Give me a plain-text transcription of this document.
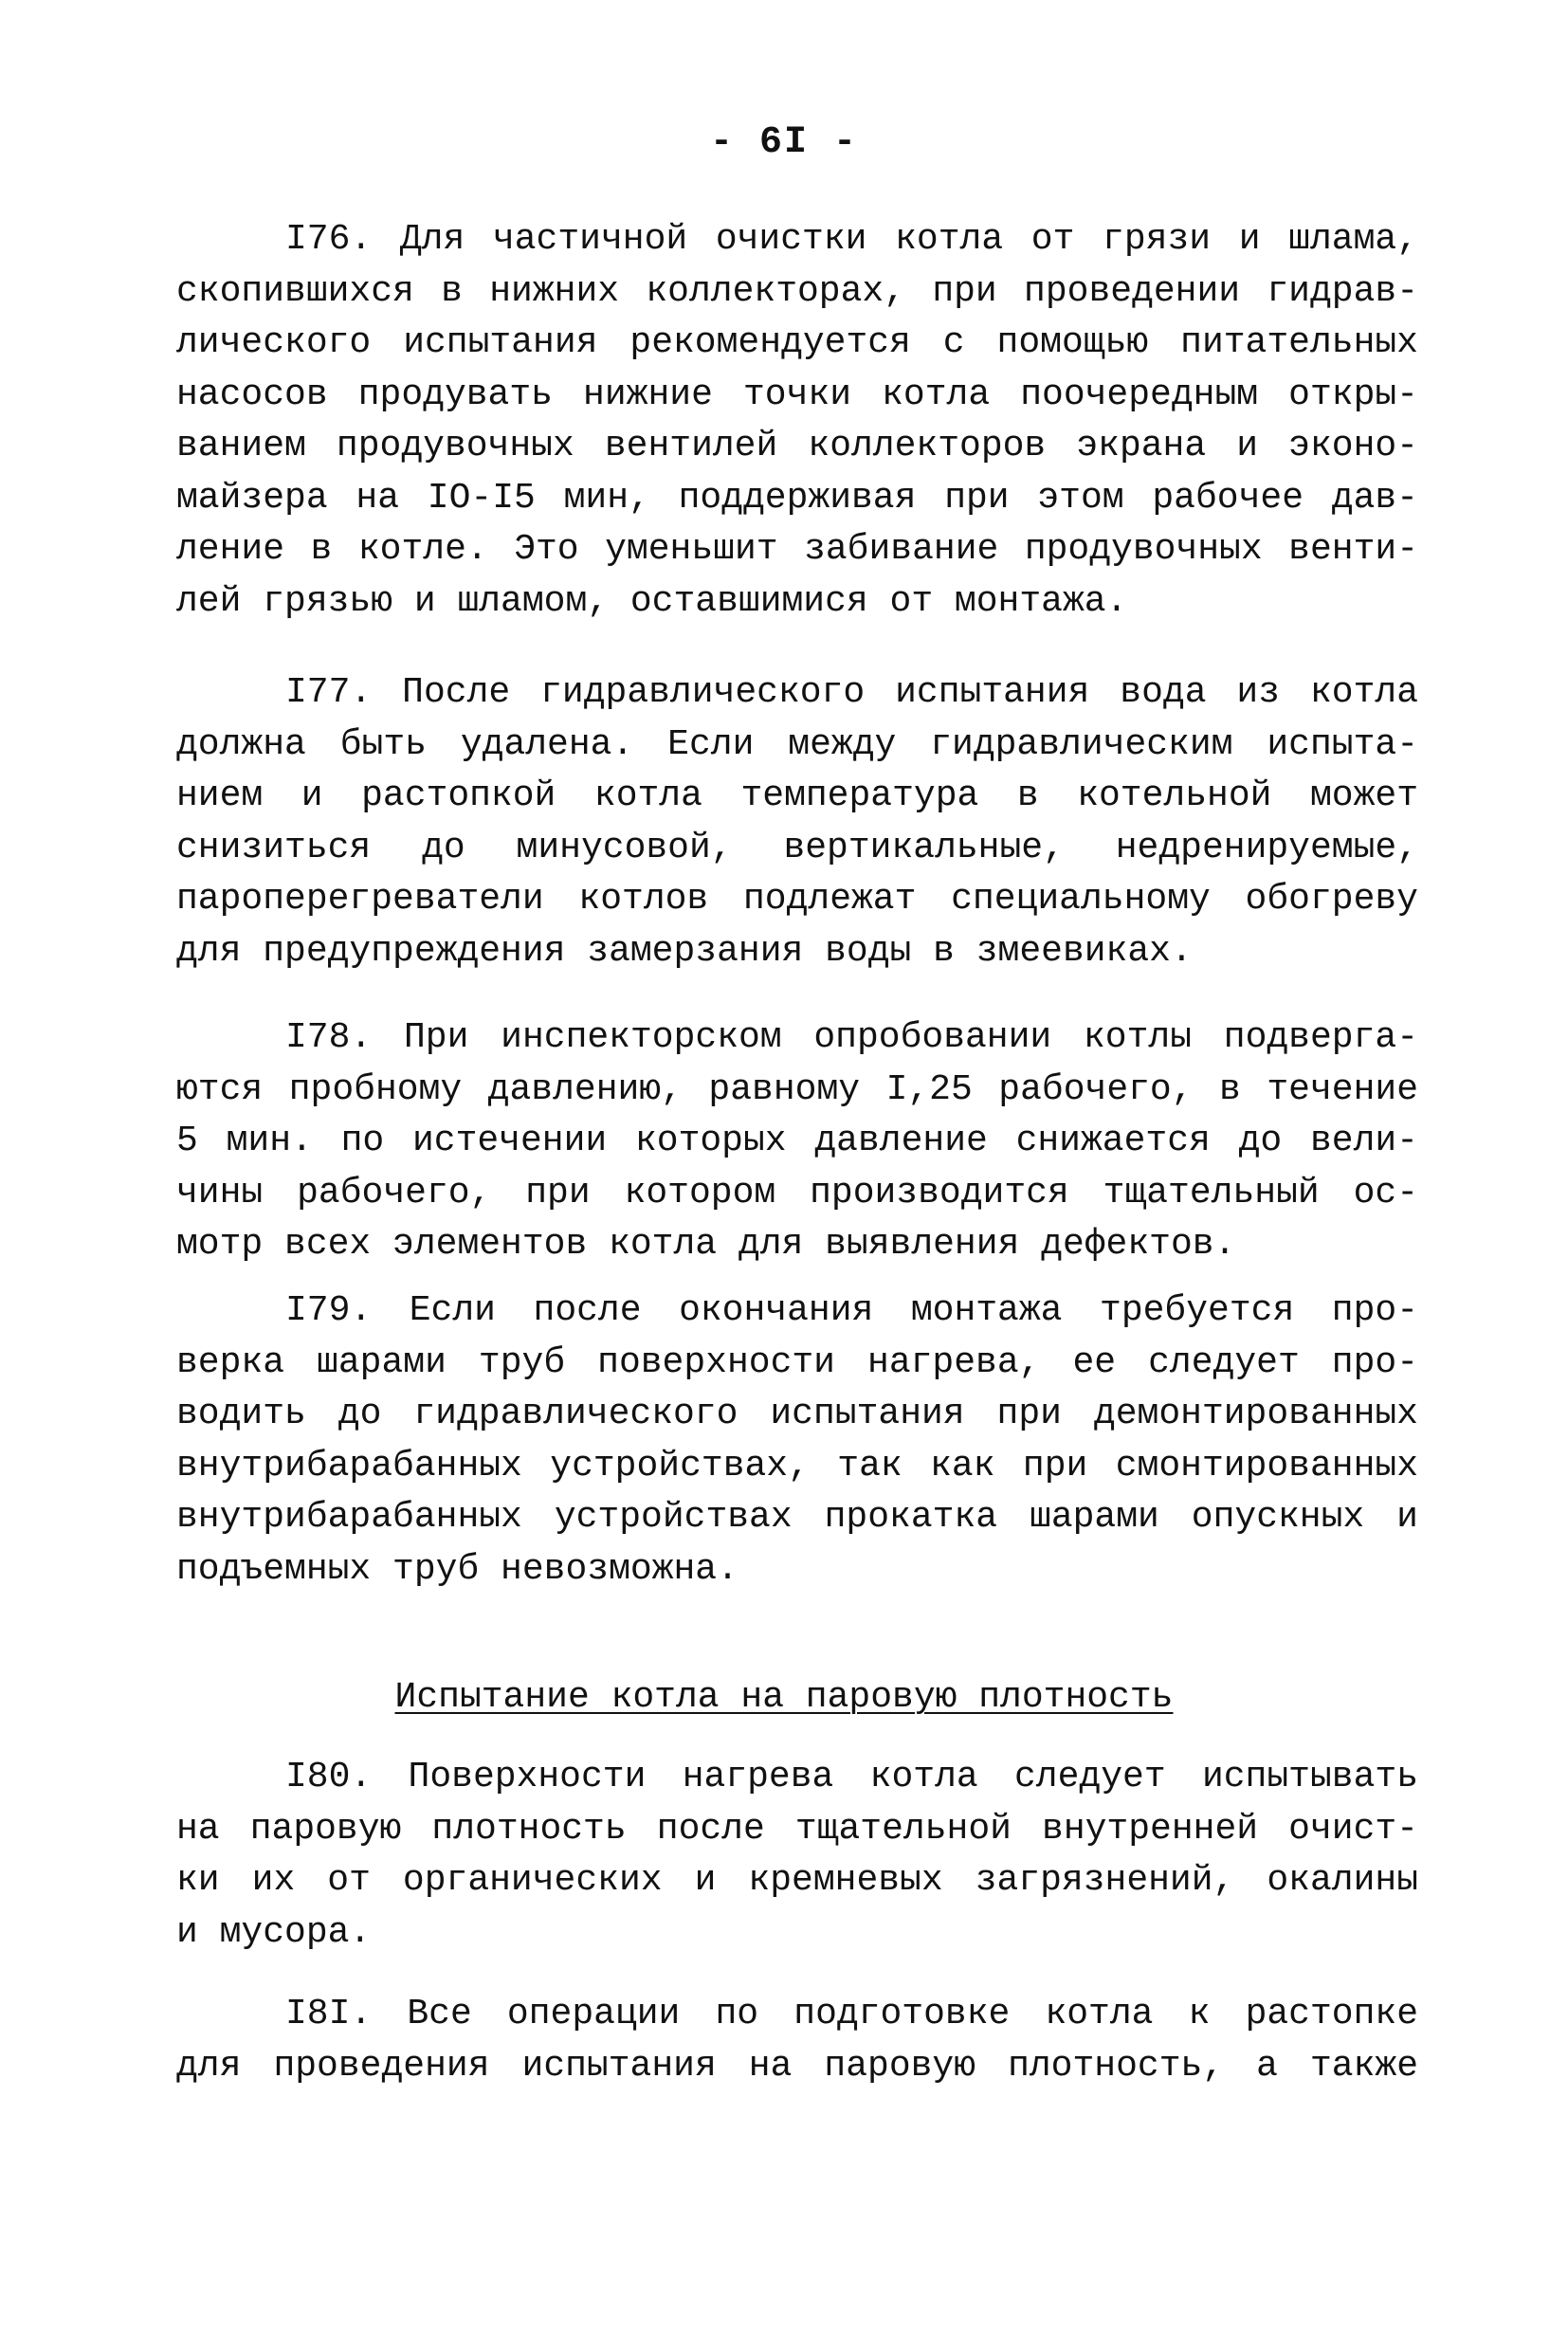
- 6I -
I76. Для частичной очистки котла от грязи и шлама,
скопившихся в нижних коллекторах, при проведении гидрав-
лического испытания рекомендуется с помощью питательных
насосов продувать нижние точки котла поочередным откры-
ванием продувочных вентилей коллекторов экрана и эконо-
майзера на IO-I5 мин, поддерживая при этом рабочее дав-
ление в котле. Это уменьшит забивание продувочных венти-
лей грязью и шламом, оставшимися от монтажа.
I77. После гидравлического испытания вода из котла
должна быть удалена. Если между гидравлическим испыта-
нием и растопкой котла температура в котельной может
снизиться до минусовой, вертикальные, недренируемые,
пароперегреватели котлов подлежат специальному обогреву
для предупреждения замерзания воды в змеевиках.
I78. При инспекторском опробовании котлы подверга-
ются пробному давлению, равному I,25 рабочего, в течение
5 мин. по истечении которых давление снижается до вели-
чины рабочего, при котором производится тщательный ос-
мотр всех элементов котла для выявления дефектов.
I79. Если после окончания монтажа требуется про-
верка шарами труб поверхности нагрева, ее следует про-
водить до гидравлического испытания при демонтированных
внутрибарабанных устройствах, так как при смонтированных
внутрибарабанных устройствах прокатка шарами опускных и
подъемных труб невозможна.
Испытание котла на паровую плотность
I80. Поверхности нагрева котла следует испытывать
на паровую плотность после тщательной внутренней очист-
ки их от органических и кремневых загрязнений, окалины
и мусора.
I8I. Все операции по подготовке котла к растопке
для проведения испытания на паровую плотность, а также
